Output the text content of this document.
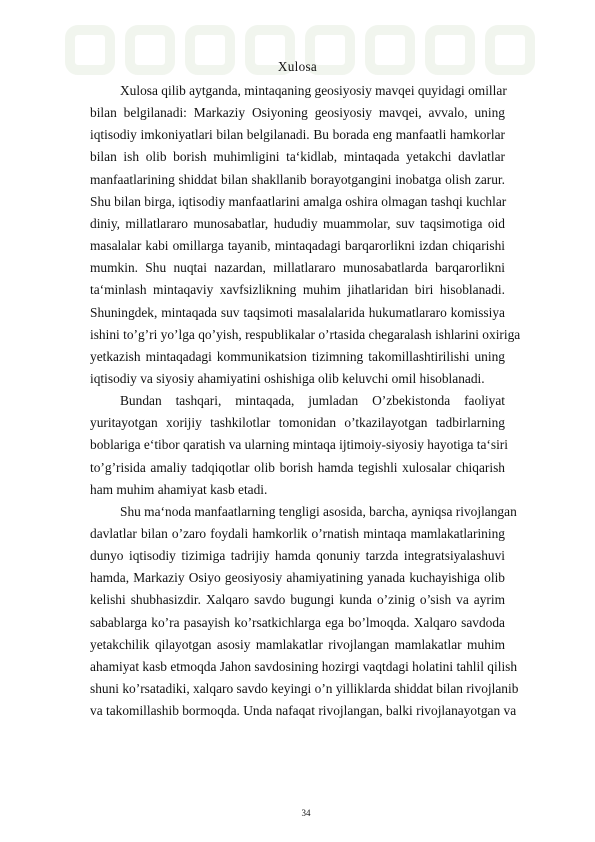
Xulosa
Xulosa qilib aytganda, mintaqaning geosiyosiy mavqei quyidagi omillar
bilan belgilanadi: Markaziy Osiyoning geosiyosiy mavqei, avvalo, uning
iqtisodiy imkoniyatlari bilan belgilanadi. Bu borada eng manfaatli hamkorlar
bilan ish olib borish muhimligini ta‘kidlab, mintaqada yetakchi davlatlar
manfaatlarining shiddat bilan shakllanib borayotgangini inobatga olish zarur.
Shu bilan birga, iqtisodiy manfaatlarini amalga oshira olmagan tashqi kuchlar
diniy, millatlararo munosabatlar, hududiy muammolar, suv taqsimotiga oid
masalalar kabi omillarga tayanib, mintaqadagi barqarorlikni izdan chiqarishi
mumkin. Shu nuqtai nazardan, millatlararo munosabatlarda barqarorlikni
ta‘minlash mintaqaviy xavfsizlikning muhim jihatlaridan biri hisoblanadi.
Shuningdek, mintaqada suv taqsimoti masalalarida hukumatlararo komissiya
ishini to’g’ri yo’lga qo’yish, respublikalar o’rtasida chegaralash ishlarini oxiriga
yetkazish mintaqadagi kommunikatsion tizimning takomillashtirilishi uning
iqtisodiy va siyosiy ahamiyatini oshishiga olib keluvchi omil hisoblanadi.
Bundan tashqari, mintaqada, jumladan O’zbekistonda faoliyat
yuritayotgan xorijiy tashkilotlar tomonidan o’tkazilayotgan tadbirlarning
boblariga e‘tibor qaratish va ularning mintaqa ijtimoiy-siyosiy hayotiga ta‘siri
to’g’risida amaliy tadqiqotlar olib borish hamda tegishli xulosalar chiqarish
ham muhim ahamiyat kasb etadi.
Shu ma‘noda manfaatlarning tengligi asosida, barcha, ayniqsa rivojlangan
davlatlar bilan o’zaro foydali hamkorlik o’rnatish mintaqa mamlakatlarining
dunyo iqtisodiy tizimiga tadrijiy hamda qonuniy tarzda integratsiyalashuvi
hamda, Markaziy Osiyo geosiyosiy ahamiyatining yanada kuchayishiga olib
kelishi shubhasizdir. Xalqaro savdo bugungi kunda o’zinig o’sish va ayrim
sabablarga ko’ra pasayish ko’rsatkichlarga ega bo’lmoqda. Xalqaro savdoda
yetakchilik qilayotgan asosiy mamlakatlar rivojlangan mamlakatlar muhim
ahamiyat kasb etmoqda Jahon savdosining hozirgi vaqtdagi holatini tahlil qilish
shuni ko’rsatadiki, xalqaro savdo keyingi o’n yilliklarda shiddat bilan rivojlanib
va takomillashib bormoqda. Unda nafaqat rivojlangan, balki rivojlanayotgan va
34
